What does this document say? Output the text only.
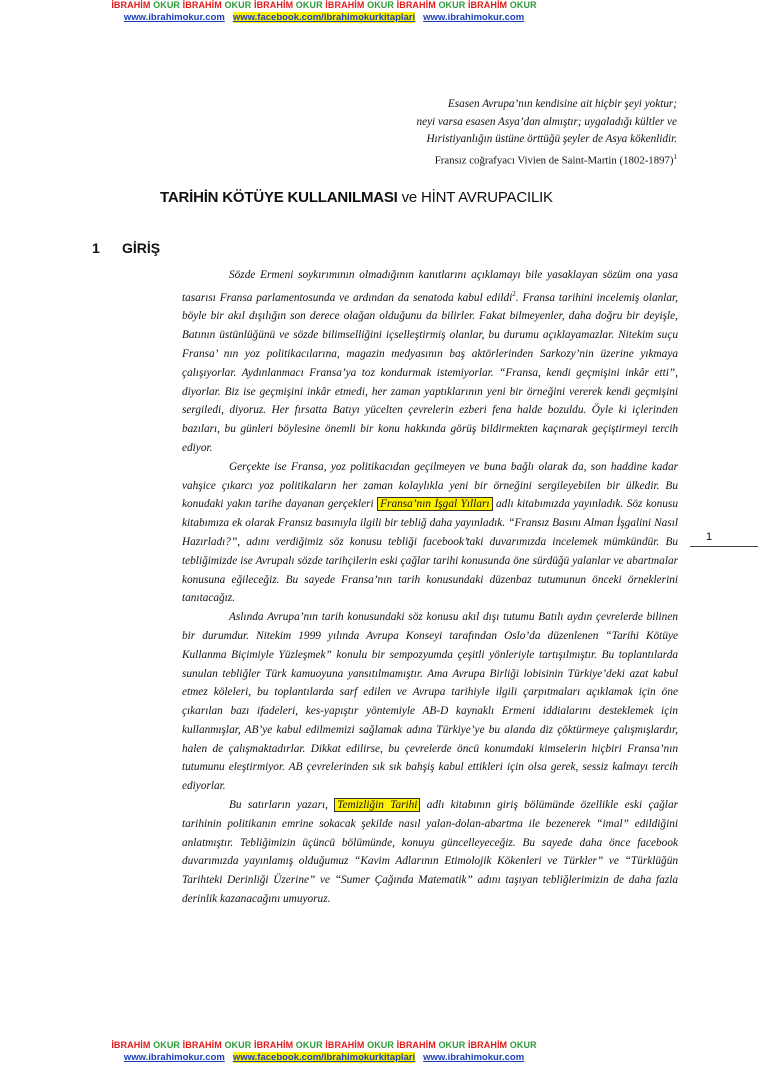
İBRAHİM OKUR İBRAHİM OKUR İBRAHİM OKUR İBRAHİM OKUR İBRAHİM OKUR İBRAHİM OKUR
www.ibrahimokur.com www.facebook.com/ibrahimokurkitaplari www.ibrahimokur.com
Esasen Avrupa’nın kendisine ait hiçbir şeyi yoktur;
neyi varsa esasen Asya’dan almıştır; uygaladığı kültler ve
Hıristiyanlığın üstüne örttüğü şeyler de Asya kökenlidir.
Fransız coğrafyacı Vivien de Saint-Martin (1802-1897)$^1$
TARİHİN KÖTÜYE KULLANILMASI ve HİNT AVRUPACILIK
1 GİRİŞ

Sözde Ermeni soykırımının olmadığının kanıtlarını açıklamayı bile yasaklayan sözüm ona yasa tasarısı Fransa parlamentosunda ve ardından da senatoda kabul edildi$^2$. Fransa tarihini incelemiş olanlar, böyle bir akıl dışılığın son derece olağan olduğunu da bilirler. Fakat bilmeyenler, daha doğru bir deyişle, Batının üstünlüğünü ve sözde bilimselliğini içselleştirmiş olanlar, bu durumu açıklayamazlar. Nitekim suçu Fransa’ nın yoz politikacılarına, magazin medyasının baş aktörlerinden Sarkozy’nin üzerine yıkmaya çalışıyorlar. Aydınlanmacı Fransa’ya toz kondurmak istemiyorlar. “Fransa, kendi geçmişini inkâr etti”, diyorlar. Biz ise geçmişini inkâr etmedi, her zaman yaptıklarının yeni bir örneğini vererek kendi geçmişini sergiledi, diyoruz. Her fırsatta Batıyı yücelten çevrelerin ezberi fena halde bozuldu. Öyle ki içlerinden bazıları, bu günleri böylesine önemli bir konu hakkında görüş bildirmekten kaçınarak geçiştirmeyi tercih ediyor.

Gerçekte ise Fransa, yoz politikacıdan geçilmeyen ve buna bağlı olarak da, son haddine kadar vahşice çıkarcı yoz politikaların her zaman kolaylıkla yeni bir örneğini sergileyebilen bir ülkedir. Bu konudaki yakın tarihe dayanan gerçekleri Fransa’nın İşgal Yılları adlı kitabımızda yayınladık. Söz konusu kitabımıza ek olarak Fransız basınıyla ilgili bir tebliğ daha yayınladık. “Fransız Basını Alman İşgalini Nasıl Hazırladı?”, adını verdiğimiz söz konusu tebliği facebook’taki duvarımızda incelemek mümkündür. Bu tebliğimizde ise Avrupalı sözde tarihçilerin eski çağlar tarihi konusunda öne sürdüğü yalanlar ve abartmalar konusuna eğileceğiz. Bu sayede Fransa’nın tarih konusundaki düzenbaz tutumunun önceki örneklerini tanıtacağız.

Aslında Avrupa’nın tarih konusundaki söz konusu akıl dışı tutumu Batılı aydın çevrelerde bilinen bir durumdur. Nitekim 1999 yılında Avrupa Konseyi tarafından Oslo’da düzenlenen “Tarihi Kötüye Kullanma Biçimiyle Yüzleşmek” konulu bir sempozyumda çeşitli yönleriyle tartışılmıştır. Bu toplantılarda sunulan tebliğler Türk kamuoyuna yansıtılmamıştır. Ama Avrupa Birliği lobisinin Türkiye’deki azat kabul etmez köleleri, bu toplantılarda sarf edilen ve Avrupa tarihiyle ilgili çarpıtmaları açıklamak için öne çıkarılan bazı ifadeleri, kes-yapıştır yöntemiyle AB-D kaynaklı Ermeni iddialarını desteklemek için kullanmışlar, AB’ye kabul edilmemizi sağlamak adına Türkiye’ye bu alanda diz çöktürmeye çalışmışlardır, halen de çalışmaktadırlar. Dikkat edilirse, bu çevrelerde öncü konumdaki kimselerin hiçbiri Fransa’nın tutumunu eleştirmiyor. AB çevrelerinden sık sık bahşiş kabul ettikleri için olsa gerek, sessiz kalmayı tercih ediyorlar.

Bu satırların yazarı, Temizliğin Tarihi adlı kitabının giriş bölümünde özellikle eski çağlar tarihinin politikanın emrine sokacak şekilde nasıl yalan-dolan-abartma ile bezenerek “imal” edildiğini anlatmıştır. Tebliğimizin üçüncü bölümünde, konuyu güncelleyeceğiz. Bu sayede daha önce facebook duvarımızda yayınlamış olduğumuz “Kavim Adlarının Etimolojik Kökenleri ve Türkler” ve “Türklüğün Tarihteki Derinliği Üzerine” ve “Sumer Çağında Matematik” adını taşıyan tebliğlerimizin de daha fazla derinlik kazanacağını umuyoruz.

1
İBRAHİM OKUR İBRAHİM OKUR İBRAHİM OKUR İBRAHİM OKUR İBRAHİM OKUR İBRAHİM OKUR
www.ibrahimokur.com www.facebook.com/ibrahimokurkitaplari www.ibrahimokur.com
